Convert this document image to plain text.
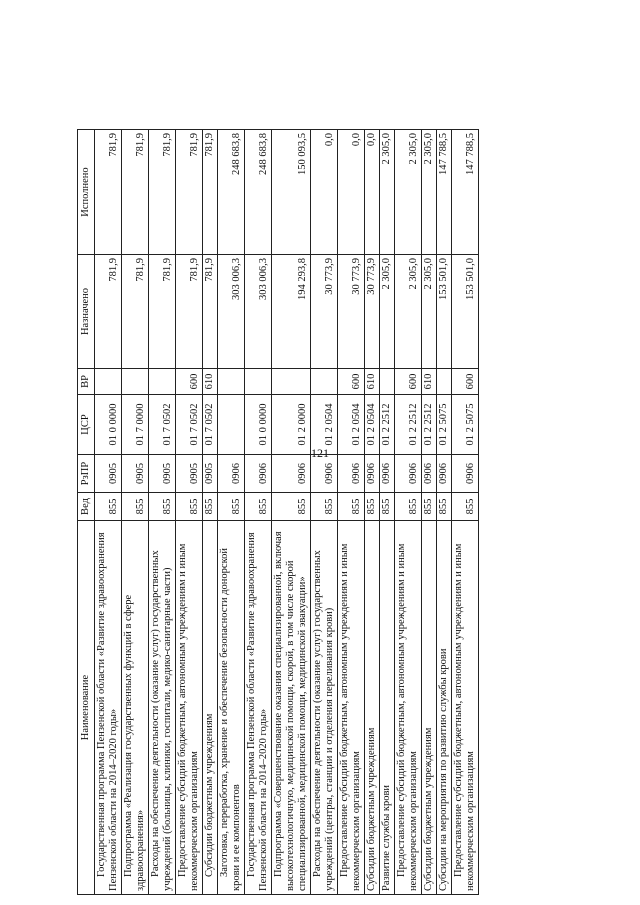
121
Наименование	Вед	РзПР	ЦСР	ВР	Назначено	Исполнено
Государственная программа Пензенской области «Развитие здравоохранения Пензенской области на 2014–2020 годы»	855	0905	01 0 0000		781,9	781,9
Подпрограмма «Реализация государственных функций в сфере здравоохранения»	855	0905	01 7 0000		781,9	781,9
Расходы на обеспечение деятельности (оказание услуг) государственных учреждений (больницы, клиники, госпитали, медико-санитарные части)	855	0905	01 7 0502		781,9	781,9
Предоставление субсидий бюджетным, автономным учреждениям и иным некоммерческим организациям	855	0905	01 7 0502	600	781,9	781,9
Субсидии бюджетным учреждениям	855	0905	01 7 0502	610	781,9	781,9
Заготовка, переработка, хранение и обеспечение безопасности донорской крови и ее компонентов	855	0906			303 006,3	248 683,8
Государственная программа Пензенской области «Развитие здравоохранения Пензенской области на 2014–2020 годы»	855	0906	01 0 0000		303 006,3	248 683,8
Подпрограмма «Совершенствование оказания специализированной, включая высокотехнологичную, медицинской помощи, скорой, в том числе скорой специализированной, медицинской помощи, медицинской эвакуации»	855	0906	01 2 0000		194 293,8	150 093,5
Расходы на обеспечение деятельности (оказание услуг) государственных учреждений (центры, станции и отделения переливания крови)	855	0906	01 2 0504		30 773,9	0,0
Предоставление субсидий бюджетным, автономным учреждениям и иным некоммерческим организациям	855	0906	01 2 0504	600	30 773,9	0,0
Субсидии бюджетным учреждениям	855	0906	01 2 0504	610	30 773,9	0,0
Развитие службы крови	855	0906	01 2 2512		2 305,0	2 305,0
Предоставление субсидий бюджетным, автономным учреждениям и иным некоммерческим организациям	855	0906	01 2 2512	600	2 305,0	2 305,0
Субсидии бюджетным учреждениям	855	0906	01 2 2512	610	2 305,0	2 305,0
Субсидии на мероприятия по развитию службы крови	855	0906	01 2 5075		153 501,0	147 788,5
Предоставление субсидий бюджетным, автономным учреждениям и иным некоммерческим организациям	855	0906	01 2 5075	600	153 501,0	147 788,5
